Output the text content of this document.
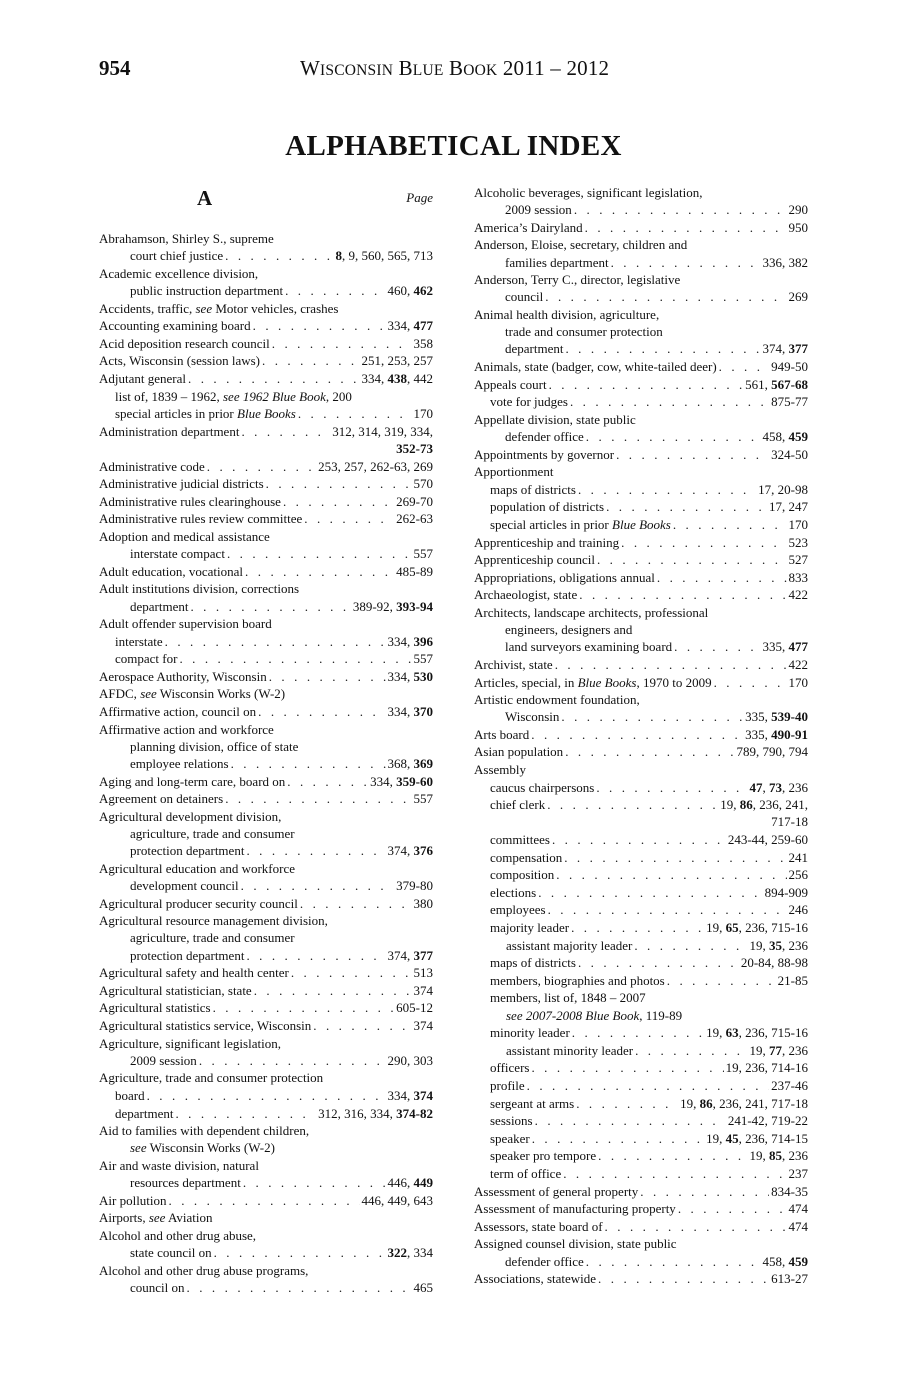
954	WISCONSIN BLUE BOOK 2011 – 2012
ALPHABETICAL INDEX
A	Page
Abrahamson, Shirley S., supreme
court chief justice . . .	8, 9, 560, 565, 713
Academic excellence division,
public instruction department . . .	460, 462
Accidents, traffic, see Motor vehicles, crashes
Accounting examining board . . .	334, 477
Acid deposition research council . . .	358
Acts, Wisconsin (session laws) . . .	251, 253, 257
Adjutant general . . .	334, 438, 442
list of, 1839 – 1962, see 1962 Blue Book, 200
special articles in prior Blue Books . . .	170
Administration department . . .	312, 314, 319, 334,
352-73
Administrative code . . .	253, 257, 262-63, 269
Administrative judicial districts . . .	570
Administrative rules clearinghouse . . .	269-70
Administrative rules review committee . . .	262-63
Adoption and medical assistance
interstate compact . . .	557
Adult education, vocational . . .	485-89
Adult institutions division, corrections
department . . .	389-92, 393-94
Adult offender supervision board
interstate . . .	334, 396
compact for . . .	557
Aerospace Authority, Wisconsin . . .	334, 530
AFDC, see Wisconsin Works (W-2)
Affirmative action, council on . . .	334, 370
Affirmative action and workforce
planning division, office of state
employee relations . . .	368, 369
Aging and long-term care, board on . . .	334, 359-60
Agreement on detainers . . .	557
Agricultural development division,
agriculture, trade and consumer
protection department . . .	374, 376
Agricultural education and workforce
development council . . .	379-80
Agricultural producer security council . . .	380
Agricultural resource management division,
agriculture, trade and consumer
protection department . . .	374, 377
Agricultural safety and health center . . .	513
Agricultural statistician, state . . .	374
Agricultural statistics . . .	605-12
Agricultural statistics service, Wisconsin . . .	374
Agriculture, significant legislation,
2009 session . . .	290, 303
Agriculture, trade and consumer protection
board . . .	334, 374
department . . .	312, 316, 334, 374-82
Aid to families with dependent children,
see Wisconsin Works (W-2)
Air and waste division, natural
resources department . . .	446, 449
Air pollution . . .	446, 449, 643
Airports, see Aviation
Alcohol and other drug abuse,
state council on . . .	322, 334
Alcohol and other drug abuse programs,
council on . . .	465
Alcoholic beverages, significant legislation,
2009 session . . .	290
America’s Dairyland . . .	950
Anderson, Eloise, secretary, children and
families department . . .	336, 382
Anderson, Terry C., director, legislative
council . . .	269
Animal health division, agriculture,
trade and consumer protection
department . . .	374, 377
Animals, state (badger, cow, white-tailed deer) . . .	949-50
Appeals court . . .	561, 567-68
vote for judges . . .	875-77
Appellate division, state public
defender office . . .	458, 459
Appointments by governor . . .	324-50
Apportionment
maps of districts . . .	17, 20-98
population of districts . . .	17, 247
special articles in prior Blue Books . . .	170
Apprenticeship and training . . .	523
Apprenticeship council . . .	527
Appropriations, obligations annual . . .	833
Archaeologist, state . . .	422
Architects, landscape architects, professional
engineers, designers and
land surveyors examining board . . .	335, 477
Archivist, state . . .	422
Articles, special, in Blue Books, 1970 to 2009 . . .	170
Artistic endowment foundation,
Wisconsin . . .	335, 539-40
Arts board . . .	335, 490-91
Asian population . . .	789, 790, 794
Assembly
caucus chairpersons . . .	47, 73, 236
chief clerk . . .	19, 86, 236, 241,
717-18
committees . . .	243-44, 259-60
compensation . . .	241
composition . . .	256
elections . . .	894-909
employees . . .	246
majority leader . . .	19, 65, 236, 715-16
assistant majority leader . . .	19, 35, 236
maps of districts . . .	20-84, 88-98
members, biographies and photos . . .	21-85
members, list of, 1848 – 2007
see 2007-2008 Blue Book, 119-89
minority leader . . .	19, 63, 236, 715-16
assistant minority leader . . .	19, 77, 236
officers . . .	19, 236, 714-16
profile . . .	237-46
sergeant at arms . . .	19, 86, 236, 241, 717-18
sessions . . .	241-42, 719-22
speaker . . .	19, 45, 236, 714-15
speaker pro tempore . . .	19, 85, 236
term of office . . .	237
Assessment of general property . . .	834-35
Assessment of manufacturing property . . .	474
Assessors, state board of . . .	474
Assigned counsel division, state public
defender office . . .	458, 459
Associations, statewide . . .	613-27
